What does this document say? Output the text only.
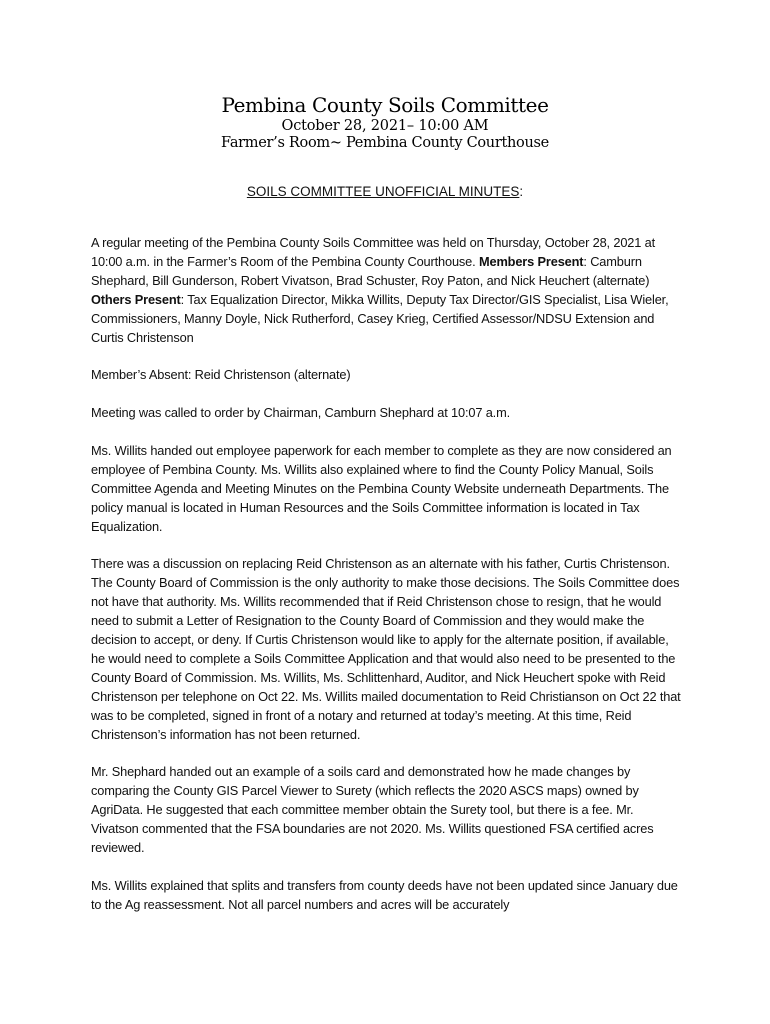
Pembina County Soils Committee
October 28, 2021– 10:00 AM
Farmer’s Room~ Pembina County Courthouse
SOILS COMMITTEE UNOFFICIAL MINUTES:

A regular meeting of the Pembina County Soils Committee was held on Thursday, October 28, 2021 at 10:00 a.m. in the Farmer’s Room of the Pembina County Courthouse. Members Present: Camburn Shephard, Bill Gunderson, Robert Vivatson, Brad Schuster, Roy Paton, and Nick Heuchert (alternate) Others Present: Tax Equalization Director, Mikka Willits, Deputy Tax Director/GIS Specialist, Lisa Wieler, Commissioners, Manny Doyle, Nick Rutherford, Casey Krieg, Certified Assessor/NDSU Extension and Curtis Christenson

Member’s Absent: Reid Christenson (alternate)

Meeting was called to order by Chairman, Camburn Shephard at 10:07 a.m.

Ms. Willits handed out employee paperwork for each member to complete as they are now considered an employee of Pembina County. Ms. Willits also explained where to find the County Policy Manual, Soils Committee Agenda and Meeting Minutes on the Pembina County Website underneath Departments. The policy manual is located in Human Resources and the Soils Committee information is located in Tax Equalization.

There was a discussion on replacing Reid Christenson as an alternate with his father, Curtis Christenson. The County Board of Commission is the only authority to make those decisions. The Soils Committee does not have that authority. Ms. Willits recommended that if Reid Christenson chose to resign, that he would need to submit a Letter of Resignation to the County Board of Commission and they would make the decision to accept, or deny. If Curtis Christenson would like to apply for the alternate position, if available, he would need to complete a Soils Committee Application and that would also need to be presented to the County Board of Commission. Ms. Willits, Ms. Schlittenhard, Auditor, and Nick Heuchert spoke with Reid Christenson per telephone on Oct 22. Ms. Willits mailed documentation to Reid Christianson on Oct 22 that was to be completed, signed in front of a notary and returned at today’s meeting. At this time, Reid Christenson’s information has not been returned.

Mr. Shephard handed out an example of a soils card and demonstrated how he made changes by comparing the County GIS Parcel Viewer to Surety (which reflects the 2020 ASCS maps) owned by AgriData. He suggested that each committee member obtain the Surety tool, but there is a fee. Mr. Vivatson commented that the FSA boundaries are not 2020. Ms. Willits questioned FSA certified acres reviewed.

Ms. Willits explained that splits and transfers from county deeds have not been updated since January due to the Ag reassessment. Not all parcel numbers and acres will be accurately
